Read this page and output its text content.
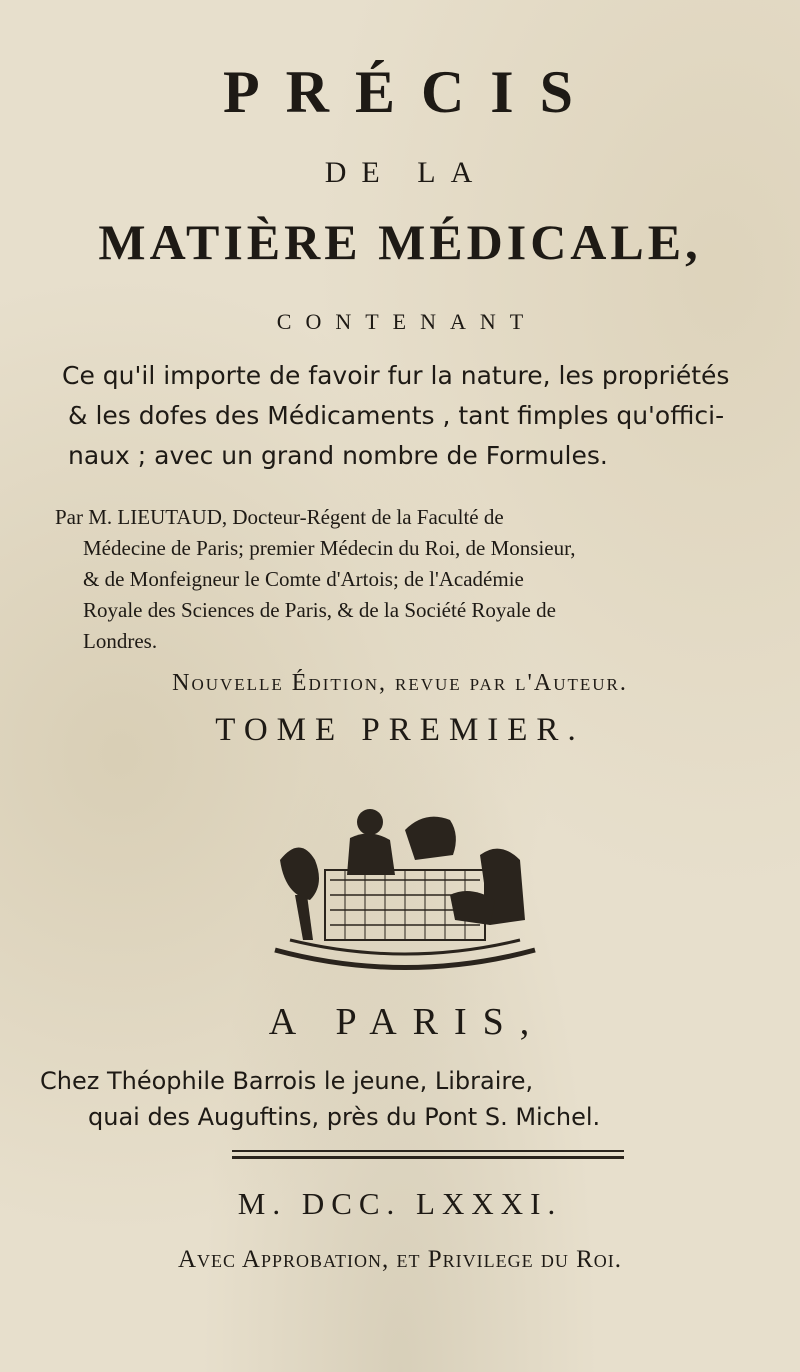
PRÉCIS
DE LA
MATIÈRE MÉDICALE,
CONTENANT
Ce qu'il importe de favoir fur la nature, les propriétés
& les dofes des Médicaments , tant fimples qu'offici-
naux ; avec un grand nombre de Formules.
Par M. LIEUTAUD, Docteur-Régent de la Faculté de
Médecine de Paris; premier Médecin du Roi, de Monsieur,
& de Monfeigneur le Comte d'Artois; de l'Académie
Royale des Sciences de Paris, & de la Société Royale de
Londres.
Nouvelle Édition, revue par l'Auteur.
TOME PREMIER.
A PARIS,
Chez Théophile Barrois le jeune, Libraire,
quai des Auguftins, près du Pont S. Michel.
M. DCC. LXXXI.
Avec Approbation, et Privilege du Roi.
